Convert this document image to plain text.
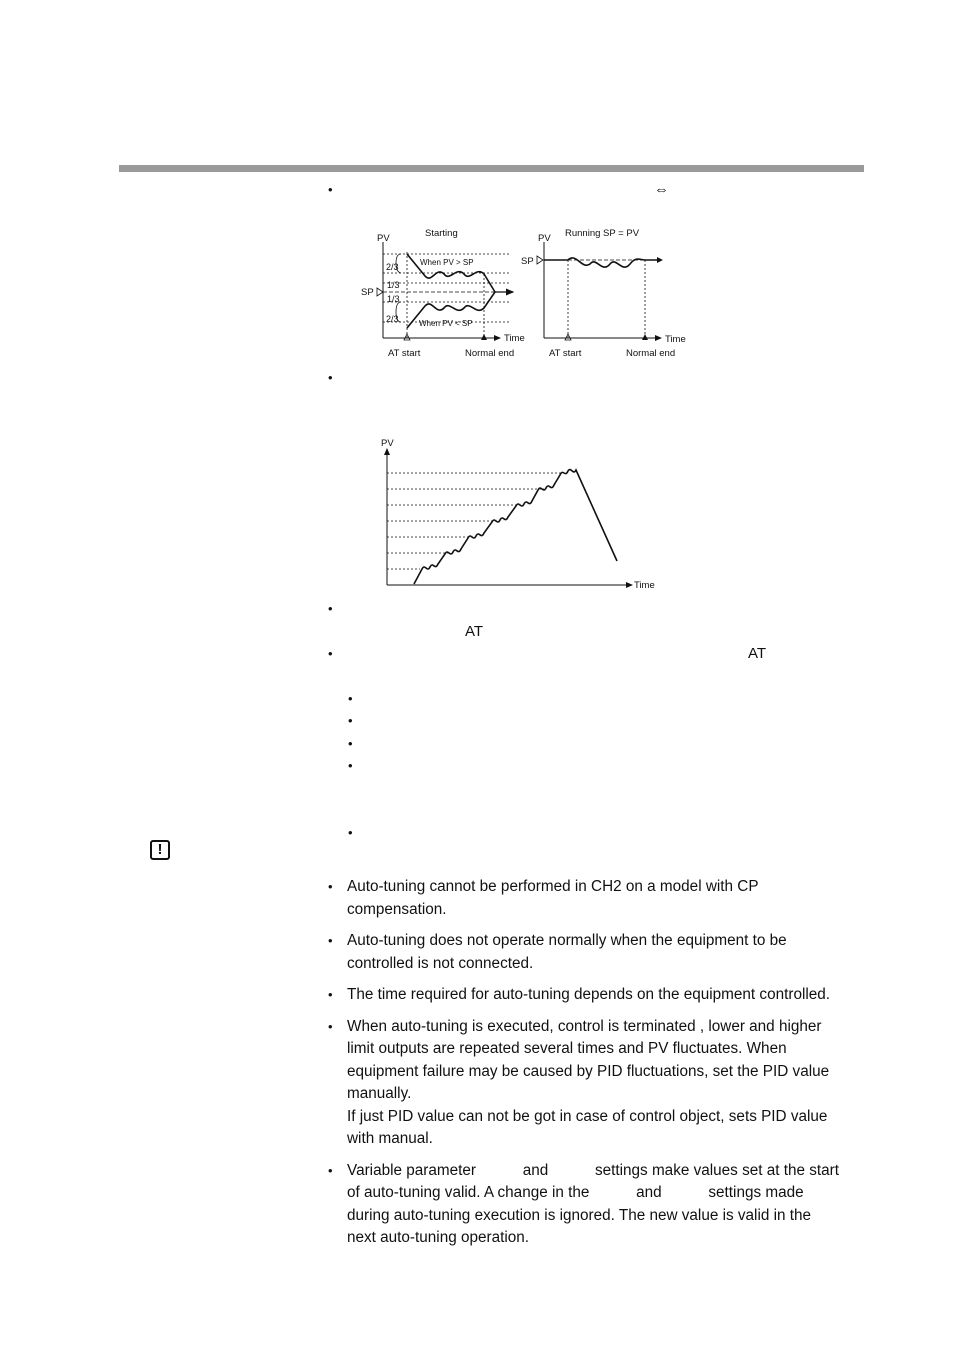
•	⇔
•
•
AT
•	AT
•
•
•
•
•
PV	Starting
SP
2/3
1/3
1/3
2/3
When PV > SP
When PV < SP
Time
AT start	Normal end
PV Running SP = PV
SP
Time
AT start	Normal end
PV
Time
!
• Auto-tuning cannot be performed in CH2 on a model with CP
compensation.
• Auto-tuning does not operate normally when the equipment to be
controlled is not connected.
• The time required for auto-tuning depends on the equipment controlled.
• When auto-tuning is executed, control is terminated , lower and higher
limit outputs are repeated several times and PV fluctuates. When
equipment failure may be caused by PID fluctuations, set the PID value
manually.
If just PID value can not be got in case of control object, sets PID value
with manual.
• Variable parameter           and           settings make values set at the start
of auto-tuning valid. A change in the           and           settings made
during auto-tuning execution is ignored. The new value is valid in the
next auto-tuning operation.
